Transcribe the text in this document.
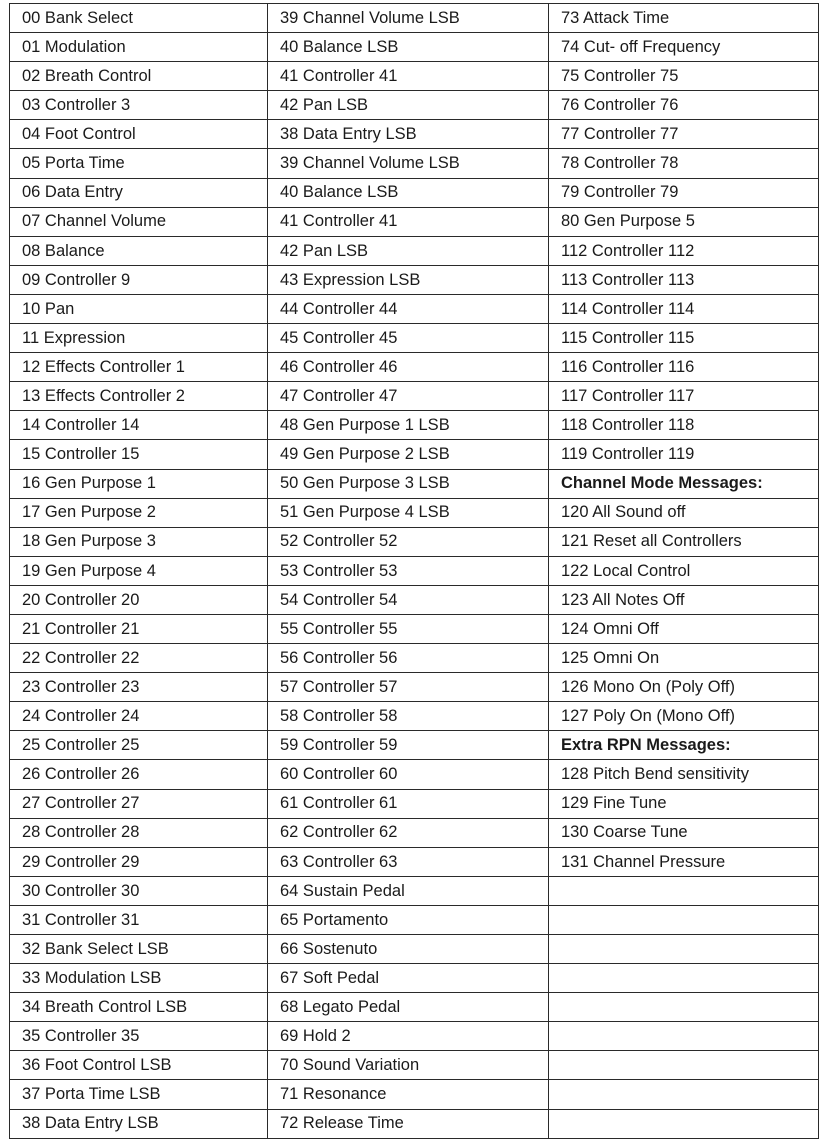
00 Bank Select	39 Channel Volume LSB	73 Attack Time
01 Modulation	40 Balance LSB	74 Cut- off Frequency
02 Breath Control	41 Controller 41	75 Controller 75
03 Controller 3	42 Pan LSB	76 Controller 76
04 Foot Control	38 Data Entry LSB	77 Controller 77
05 Porta Time	39 Channel Volume LSB	78 Controller 78
06 Data Entry	40 Balance LSB	79 Controller 79
07 Channel Volume	41 Controller 41	80 Gen Purpose 5
08 Balance	42 Pan LSB	112 Controller 112
09 Controller 9	43 Expression LSB	113 Controller 113
10 Pan	44 Controller 44	114 Controller 114
11 Expression	45 Controller 45	115 Controller 115
12 Effects Controller 1	46 Controller 46	116 Controller 116
13 Effects Controller 2	47 Controller 47	117 Controller 117
14 Controller 14	48 Gen Purpose 1 LSB	118 Controller 118
15 Controller 15	49 Gen Purpose 2 LSB	119 Controller 119
16 Gen Purpose 1	50 Gen Purpose 3 LSB	Channel Mode Messages:
17 Gen Purpose 2	51 Gen Purpose 4 LSB	120 All Sound off
18 Gen Purpose 3	52 Controller 52	121 Reset all Controllers
19 Gen Purpose 4	53 Controller 53	122 Local Control
20 Controller 20	54 Controller 54	123 All Notes Off
21 Controller 21	55 Controller 55	124 Omni Off
22 Controller 22	56 Controller 56	125 Omni On
23 Controller 23	57 Controller 57	126 Mono On (Poly Off)
24 Controller 24	58 Controller 58	127 Poly On (Mono Off)
25 Controller 25	59 Controller 59	Extra RPN Messages:
26 Controller 26	60 Controller 60	128 Pitch Bend sensitivity
27 Controller 27	61 Controller 61	129 Fine Tune
28 Controller 28	62 Controller 62	130 Coarse Tune
29 Controller 29	63 Controller 63	131 Channel Pressure
30 Controller 30	64 Sustain Pedal	
31 Controller 31	65 Portamento	
32 Bank Select LSB	66 Sostenuto	
33 Modulation LSB	67 Soft Pedal	
34 Breath Control LSB	68 Legato Pedal	
35 Controller 35	69 Hold 2	
36 Foot Control LSB	70 Sound Variation	
37 Porta Time LSB	71 Resonance	
38 Data Entry LSB	72 Release Time	
